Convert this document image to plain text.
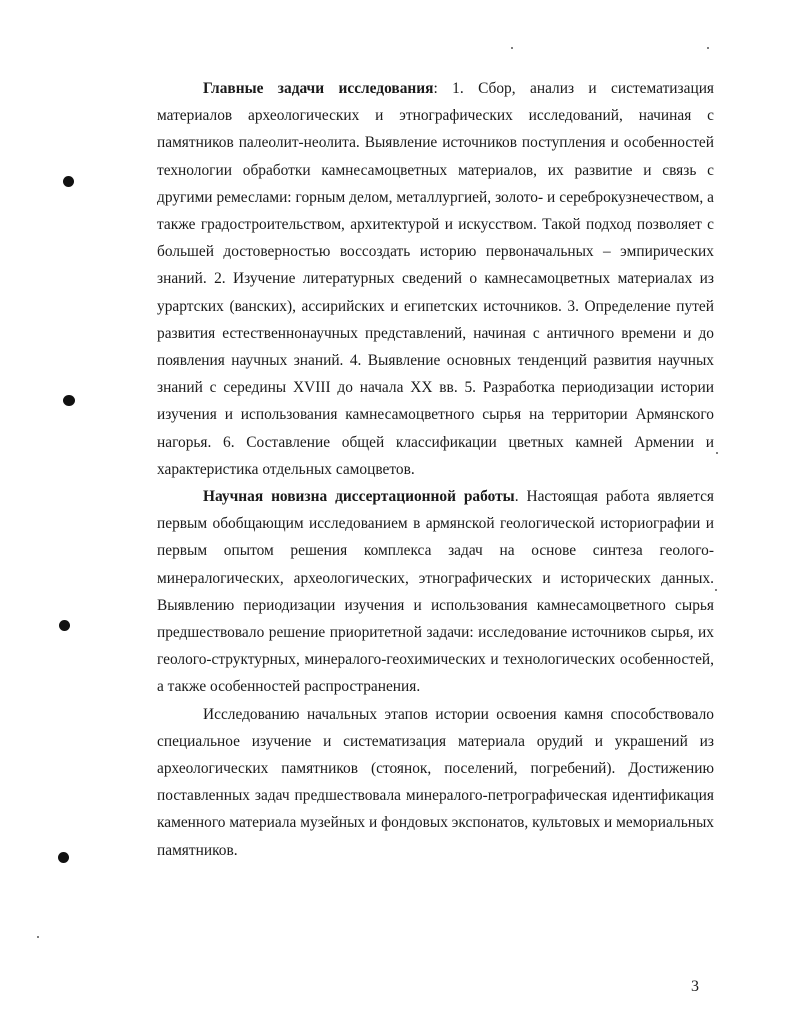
Главные задачи исследования: 1. Сбор, анализ и систематизация материалов археологических и этнографических исследований, начиная с памятников палеолит-неолита. Выявление источников поступления и особенностей технологии обработки камнесамоцветных материалов, их развитие и связь с другими ремеслами: горным делом, металлургией, золото- и сереброкузнечеством, а также градостроительством, архитектурой и искусством. Такой подход позволяет с большей достоверностью воссоздать историю первоначальных – эмпирических знаний. 2. Изучение литературных сведений о камнесамоцветных материалах из урартских (ванских), ассирийских и египетских источников. 3. Определение путей развития естественнонаучных представлений, начиная с античного времени и до появления научных знаний. 4. Выявление основных тенденций развития научных знаний с середины XVIII до начала XX вв. 5. Разработка периодизации истории изучения и использования камнесамоцветного сырья на территории Армянского нагорья. 6. Составление общей классификации цветных камней Армении и характеристика отдельных самоцветов.

Научная новизна диссертационной работы. Настоящая работа является первым обобщающим исследованием в армянской геологической историографии и первым опытом решения комплекса задач на основе синтеза геолого-минералогических, археологических, этнографических и исторических данных. Выявлению периодизации изучения и использования камнесамоцветного сырья предшествовало решение приоритетной задачи: исследование источников сырья, их геолого-структурных, минералого-геохимических и технологических особенностей, а также особенностей распространения.

Исследованию начальных этапов истории освоения камня способствовало специальное изучение и систематизация материала орудий и украшений из археологических памятников (стоянок, поселений, погребений). Достижению поставленных задач предшествовала минералого-петрографическая идентификация каменного материала музейных и фондовых экспонатов, культовых и мемориальных памятников.

3
